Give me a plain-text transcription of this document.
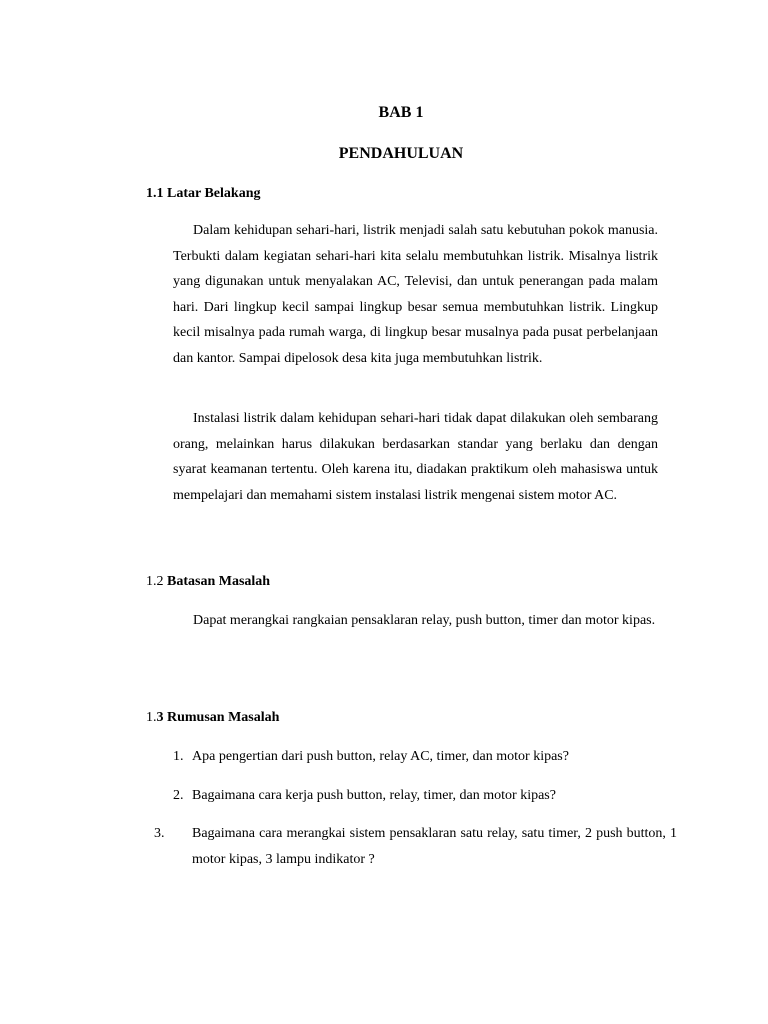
BAB 1
PENDAHULUAN
1.1 Latar Belakang

Dalam kehidupan sehari-hari, listrik menjadi salah satu kebutuhan pokok manusia. Terbukti dalam kegiatan sehari-hari kita selalu membutuhkan listrik. Misalnya listrik yang digunakan untuk menyalakan AC, Televisi, dan untuk penerangan pada malam hari. Dari lingkup kecil sampai lingkup besar semua membutuhkan listrik. Lingkup kecil misalnya pada rumah warga, di lingkup besar musalnya pada pusat perbelanjaan dan kantor. Sampai dipelosok desa kita juga membutuhkan listrik.

Instalasi listrik dalam kehidupan sehari-hari tidak dapat dilakukan oleh sembarang orang, melainkan harus dilakukan berdasarkan standar yang berlaku dan dengan syarat keamanan tertentu. Oleh karena itu, diadakan praktikum oleh mahasiswa untuk mempelajari dan memahami sistem instalasi listrik mengenai sistem motor AC.

1.2 Batasan Masalah

Dapat merangkai rangkaian pensaklaran relay, push button, timer dan motor kipas.

1.3 Rumusan Masalah

1. Apa pengertian dari push button, relay AC, timer, dan motor kipas?

2. Bagaimana cara kerja push button, relay, timer, dan motor kipas?

3. Bagaimana cara merangkai sistem pensaklaran satu relay, satu timer, 2 push button, 1 motor kipas, 3 lampu indikator ?
